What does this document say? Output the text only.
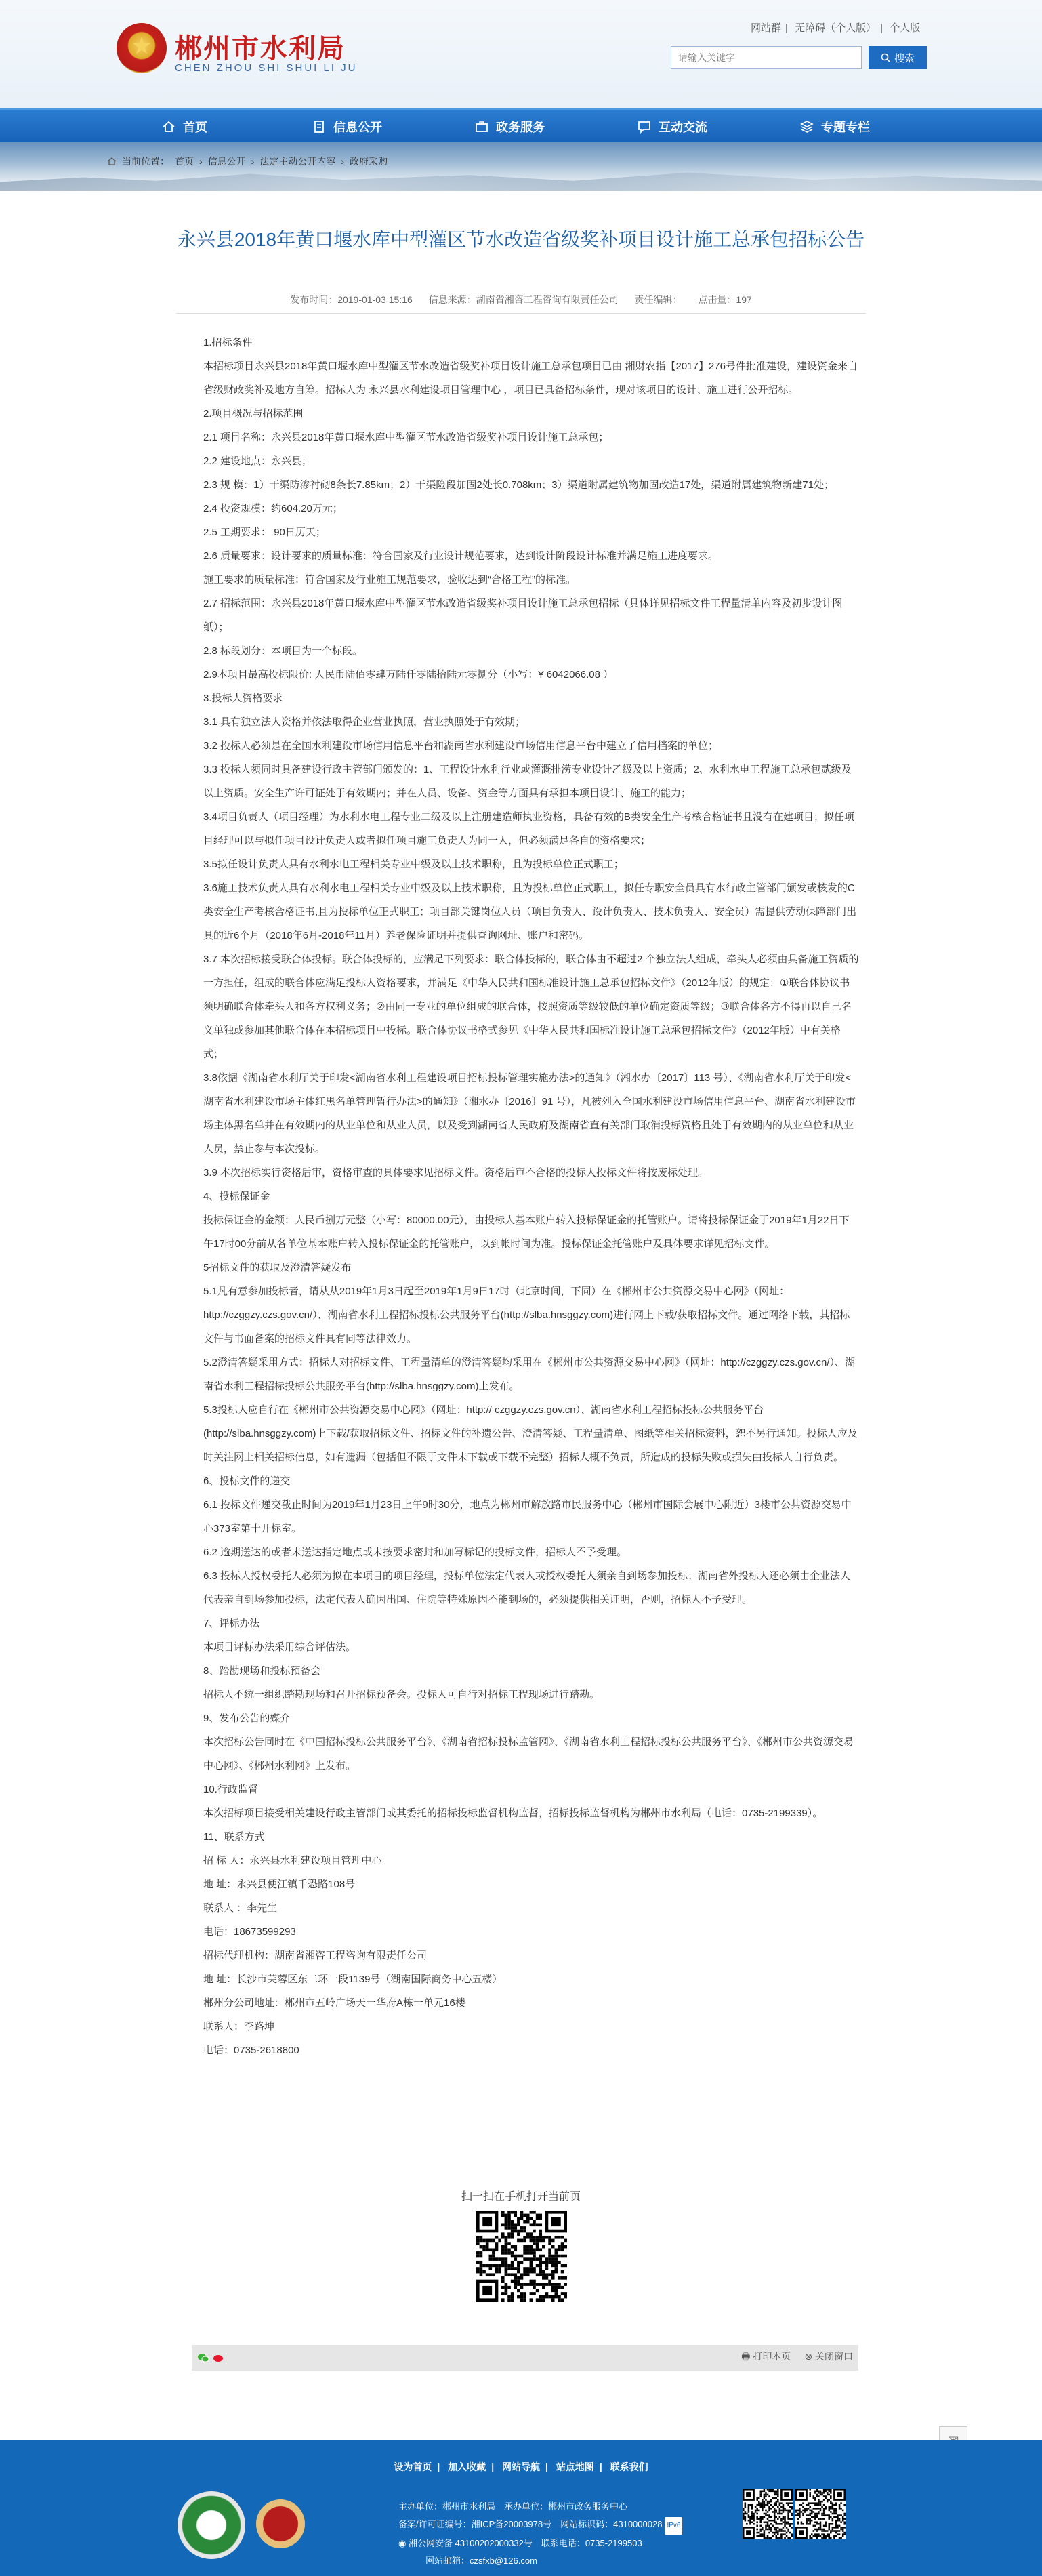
郴州市水利局
CHEN ZHOU SHI SHUI LI JU
网站群 | 无障碍（个人版） | 个人版
请输入关键字
搜索
首页	信息公开	政务服务	互动交流	专题专栏
当前位置： 首页 › 信息公开 › 法定主动公开内容 › 政府采购
永兴县2018年黄口堰水库中型灌区节水改造省级奖补项目设计施工总承包招标公告
发布时间：2019-01-03 15:16 信息来源：湖南省湘咨工程咨询有限责任公司 责任编辑： 点击量：197

1.招标条件

本招标项目永兴县2018年黄口堰水库中型灌区节水改造省级奖补项目设计施工总承包项目已由 湘财农指【2017】276号件批准建设，建设资金来自省级财政奖补及地方自筹。招标人为 永兴县水利建设项目管理中心 ，项目已具备招标条件，现对该项目的设计、施工进行公开招标。

2.项目概况与招标范围

2.1 项目名称：永兴县2018年黄口堰水库中型灌区节水改造省级奖补项目设计施工总承包；

2.2 建设地点：永兴县；

2.3 规 模：1）干渠防渗衬砌8条长7.85km；2）干渠险段加固2处长0.708km；3）渠道附属建筑物加固改造17处，渠道附属建筑物新建71处；

2.4 投资规模：约604.20万元；

2.5 工期要求： 90日历天；

2.6 质量要求：设计要求的质量标准：符合国家及行业设计规范要求，达到设计阶段设计标准并满足施工进度要求。

施工要求的质量标准：符合国家及行业施工规范要求，验收达到“合格工程”的标准。

2.7 招标范围：永兴县2018年黄口堰水库中型灌区节水改造省级奖补项目设计施工总承包招标（具体详见招标文件工程量清单内容及初步设计图纸）；

2.8 标段划分：本项目为一个标段。

2.9本项目最高投标限价: 人民币陆佰零肆万陆仟零陆拾陆元零捌分（小写：¥ 6042066.08 ）

3.投标人资格要求

3.1 具有独立法人资格并依法取得企业营业执照，营业执照处于有效期；

3.2 投标人必须是在全国水利建设市场信用信息平台和湖南省水利建设市场信用信息平台中建立了信用档案的单位；

3.3 投标人须同时具备建设行政主管部门颁发的：1、工程设计水利行业或灌溉排涝专业设计乙级及以上资质；2、水利水电工程施工总承包贰级及以上资质。安全生产许可证处于有效期内；并在人员、设备、资金等方面具有承担本项目设计、施工的能力；

3.4项目负责人（项目经理）为水利水电工程专业二级及以上注册建造师执业资格，具备有效的B类安全生产考核合格证书且没有在建项目；拟任项目经理可以与拟任项目设计负责人或者拟任项目施工负责人为同一人，但必须满足各自的资格要求；

3.5拟任设计负责人具有水利水电工程相关专业中级及以上技术职称，且为投标单位正式职工；

3.6施工技术负责人具有水利水电工程相关专业中级及以上技术职称，且为投标单位正式职工，拟任专职安全员具有水行政主管部门颁发或核发的C 类安全生产考核合格证书,且为投标单位正式职工；项目部关键岗位人员（项目负责人、设计负责人、技术负责人、安全员）需提供劳动保障部门出具的近6个月（2018年6月-2018年11月）养老保险证明并提供查询网址、账户和密码。

3.7 本次招标接受联合体投标。联合体投标的，应满足下列要求：联合体投标的，联合体由不超过2 个独立法人组成，牵头人必须由具备施工资质的一方担任，组成的联合体应满足投标人资格要求，并满足《中华人民共和国标准设计施工总承包招标文件》（2012年版）的规定：①联合体协议书须明确联合体牵头人和各方权利义务；②由同一专业的单位组成的联合体，按照资质等级较低的单位确定资质等级；③联合体各方不得再以自己名义单独或参加其他联合体在本招标项目中投标。联合体协议书格式参见《中华人民共和国标准设计施工总承包招标文件》（2012年版）中有关格式；

3.8依据《湖南省水利厅关于印发<湖南省水利工程建设项目招标投标管理实施办法>的通知》（湘水办〔2017〕113 号）、《湖南省水利厅关于印发<湖南省水利建设市场主体红黑名单管理暂行办法>的通知》（湘水办〔2016〕91 号），凡被列入全国水利建设市场信用信息平台、湖南省水利建设市场主体黑名单并在有效期内的从业单位和从业人员，以及受到湖南省人民政府及湖南省直有关部门取消投标资格且处于有效期内的从业单位和从业人员，禁止参与本次投标。

3.9 本次招标实行资格后审，资格审查的具体要求见招标文件。资格后审不合格的投标人投标文件将按废标处理。

4、投标保证金

投标保证金的金额：人民币捌万元整（小写：80000.00元），由投标人基本账户转入投标保证金的托管账户。请将投标保证金于2019年1月22日下午17时00分前从各单位基本账户转入投标保证金的托管账户，以到帐时间为准。投标保证金托管账户及具体要求详见招标文件。

5招标文件的获取及澄清答疑发布

5.1凡有意参加投标者，请从从2019年1月3日起至2019年1月9日17时（北京时间，下同）在《郴州市公共资源交易中心网》（网址：http://czggzy.czs.gov.cn/）、湖南省水利工程招标投标公共服务平台(http://slba.hnsggzy.com)进行网上下载/获取招标文件。通过网络下载，其招标文件与书面备案的招标文件具有同等法律效力。

5.2澄清答疑采用方式：招标人对招标文件、工程量清单的澄清答疑均采用在《郴州市公共资源交易中心网》（网址：http://czggzy.czs.gov.cn/）、湖南省水利工程招标投标公共服务平台(http://slba.hnsggzy.com)上发布。

5.3投标人应自行在《郴州市公共资源交易中心网》（网址：http:// czggzy.czs.gov.cn）、湖南省水利工程招标投标公共服务平台(http://slba.hnsggzy.com)上下载/获取招标文件、招标文件的补遗公告、澄清答疑、工程量清单、图纸等相关招标资料，恕不另行通知。投标人应及时关注网上相关招标信息，如有遗漏（包括但不限于文件未下载或下载不完整）招标人概不负责，所造成的投标失败或损失由投标人自行负责。

6、投标文件的递交

6.1 投标文件递交截止时间为2019年1月23日上午9时30分，地点为郴州市解放路市民服务中心（郴州市国际会展中心附近）3楼市公共资源交易中心373室第十开标室。

6.2 逾期送达的或者未送达指定地点或未按要求密封和加写标记的投标文件，招标人不予受理。

6.3 投标人授权委托人必须为拟在本项目的项目经理，投标单位法定代表人或授权委托人须亲自到场参加投标；湖南省外投标人还必须由企业法人代表亲自到场参加投标，法定代表人确因出国、住院等特殊原因不能到场的，必须提供相关证明，否则，招标人不予受理。

7、评标办法

本项目评标办法采用综合评估法。

8、踏勘现场和投标预备会

招标人不统一组织踏勘现场和召开招标预备会。投标人可自行对招标工程现场进行踏勘。

9、发布公告的媒介

本次招标公告同时在《中国招标投标公共服务平台》、《湖南省招标投标监管网》、《湖南省水利工程招标投标公共服务平台》、《郴州市公共资源交易中心网》、《郴州水利网》上发布。

10.行政监督

本次招标项目接受相关建设行政主管部门或其委托的招标投标监督机构监督，招标投标监督机构为郴州市水利局（电话：0735-2199339）。

11、联系方式

招 标 人：永兴县水利建设项目管理中心

地 址：永兴县便江镇千恐路108号

联系人 ：李先生

电话：18673599293

招标代理机构：湖南省湘咨工程咨询有限责任公司

地 址：长沙市芙蓉区东二环一段1139号（湖南国际商务中心五楼）

郴州分公司地址：郴州市五岭广场天一华府A栋一单元16楼

联系人：李路坤

电话：0735-2618800

扫一扫在手机打开当前页
🖶 打印本页 ⊗ 关闭窗口
设为首页 | 加入收藏 | 网站导航 | 站点地图 | 联系我们
主办单位：郴州市水利局　 承办单位：郴州市政务服务中心
备案/许可证编号：湘ICP备20003978号　 网站标识码：4310000028 IPv6
◉ 湘公网安备 43100202000332号　 联系电话：0735-2199503
网站邮箱：czsfxb@126.com
